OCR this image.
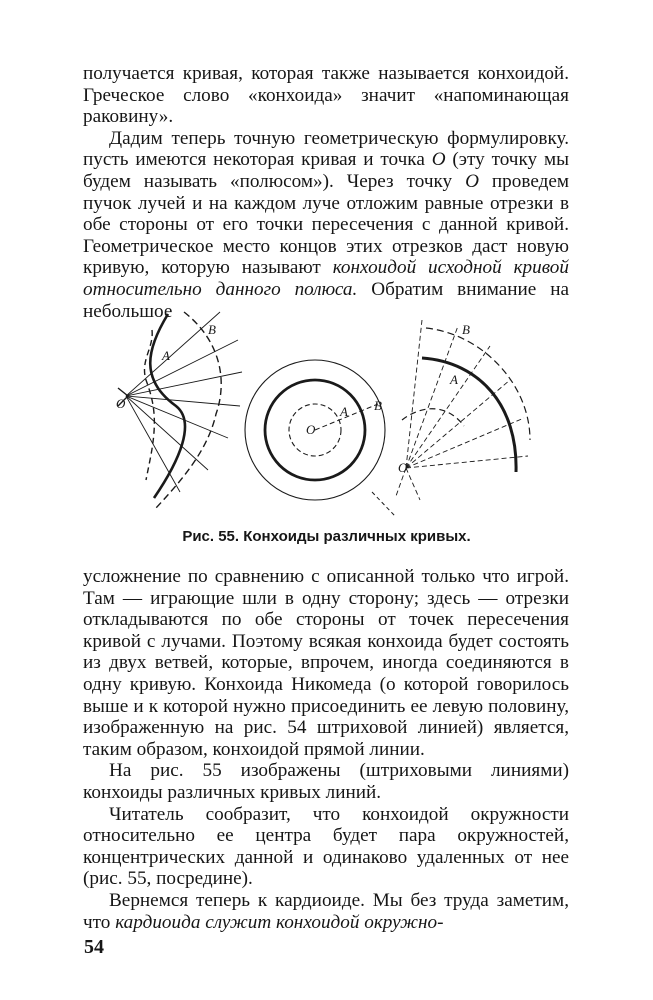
получается кривая, которая также называется конхоидой. Греческое слово «конхоида» значит «напоминающая раковину».

Дадим теперь точную геометрическую формулировку. пусть имеются некоторая кривая и точка O (эту точку мы будем называть «полюсом»). Через точку O проведем пучок лучей и на каждом луче отложим равные отрезки в обе стороны от его точки пересечения с данной кривой. Геометрическое место концов этих отрезков даст новую кривую, которую называют конхоидой исходной кривой относительно данного полюса. Обратим внимание на небольшое

A
B
O
O
A B
B
A
O
Рис. 55. Конхоиды различных кривых.

усложнение по сравнению с описанной только что игрой. Там — играющие шли в одну сторону; здесь — отрезки откладываются по обе стороны от точек пересечения кривой с лучами. Поэтому всякая конхоида будет состоять из двух ветвей, которые, впрочем, иногда соединяются в одну кривую. Конхоида Никомеда (о которой говорилось выше и к которой нужно присоединить ее левую половину, изображенную на рис. 54 штриховой линией) является, таким образом, конхоидой прямой линии.

На рис. 55 изображены (штриховыми линиями) конхоиды различных кривых линий.

Читатель сообразит, что конхоидой окружности относительно ее центра будет пара окружностей, концентрических данной и одинаково удаленных от нее (рис. 55, посредине).

Вернемся теперь к кардиоиде. Мы без труда заметим, что кардиоида служит конхоидой окружно-

54
